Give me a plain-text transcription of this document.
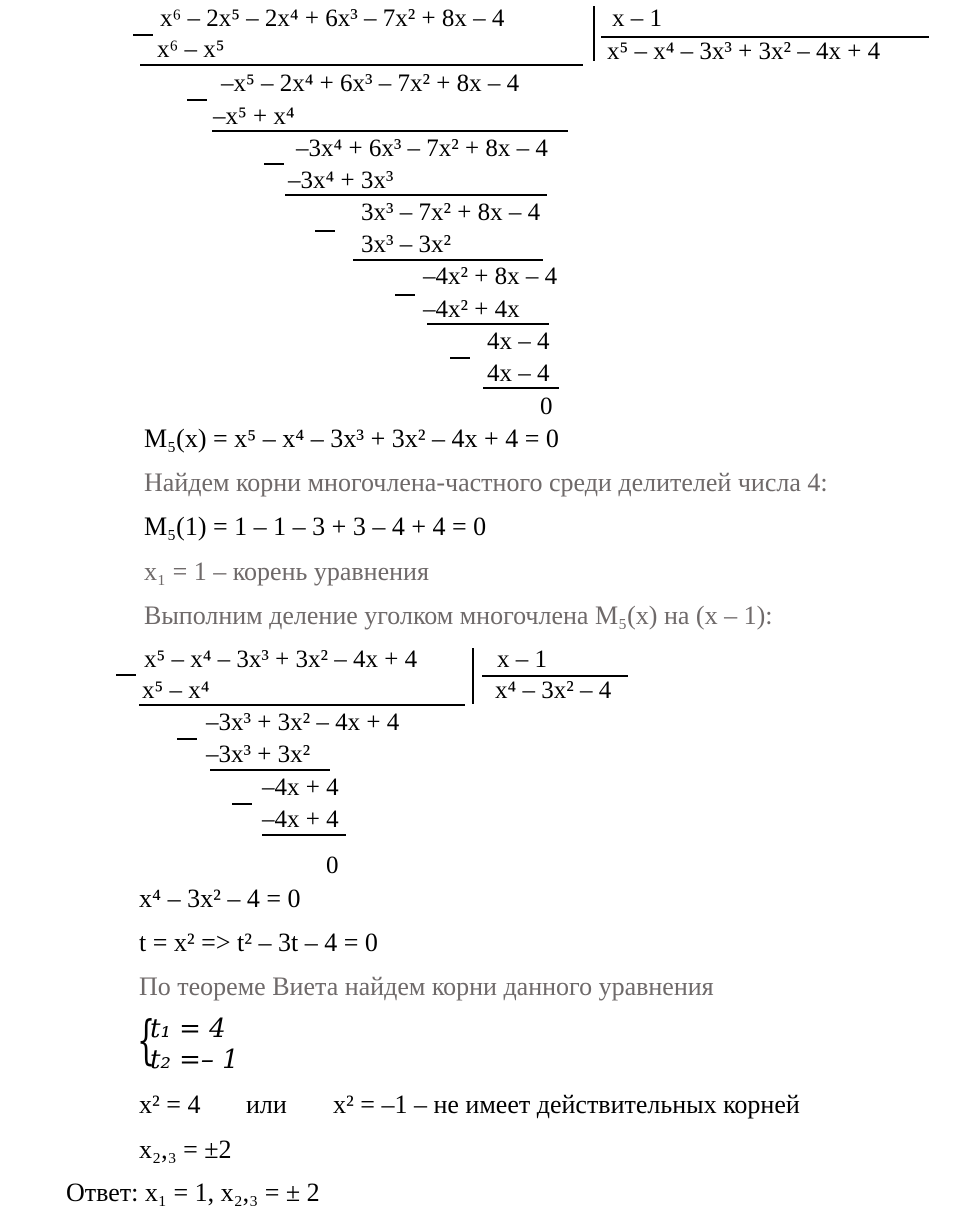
x⁶ – 2x⁵ – 2x⁴ + 6x³ – 7x² + 8x – 4
x⁶ – x⁵
x – 1
x⁵ – x⁴ – 3x³ + 3x² – 4x + 4
–x⁵ – 2x⁴ + 6x³ – 7x² + 8x – 4
–x⁵ + x⁴
–3x⁴ + 6x³ – 7x² + 8x – 4
–3x⁴ + 3x³
3x³ – 7x² + 8x – 4
3x³ – 3x²
–4x² + 8x – 4
–4x² + 4x
4x – 4
4x – 4
0
M₅(x) = x⁵ – x⁴ – 3x³ + 3x² – 4x + 4 = 0
Найдем корни многочлена-частного среди делителей числа 4:
M₅(1) = 1 – 1 – 3 + 3 – 4 + 4 = 0
x₁ = 1 – корень уравнения
Выполним деление уголком многочлена M₅(x) на (x – 1):
x⁵ – x⁴ – 3x³ + 3x² – 4x + 4
x⁵ – x⁴
x – 1
x⁴ – 3x² – 4
–3x³ + 3x² – 4x + 4
–3x³ + 3x²
–4x + 4
–4x + 4
0
x⁴ – 3x² – 4 = 0
t = x² => t² – 3t – 4 = 0
По теореме Виета найдем корни данного уравнения
{
t₁ = 4
t₂ =– 1
x² = 4 или x² = –1 – не имеет действительных корней
x₂,₃ = ±2
Ответ: x₁ = 1, x₂,₃ = ± 2
